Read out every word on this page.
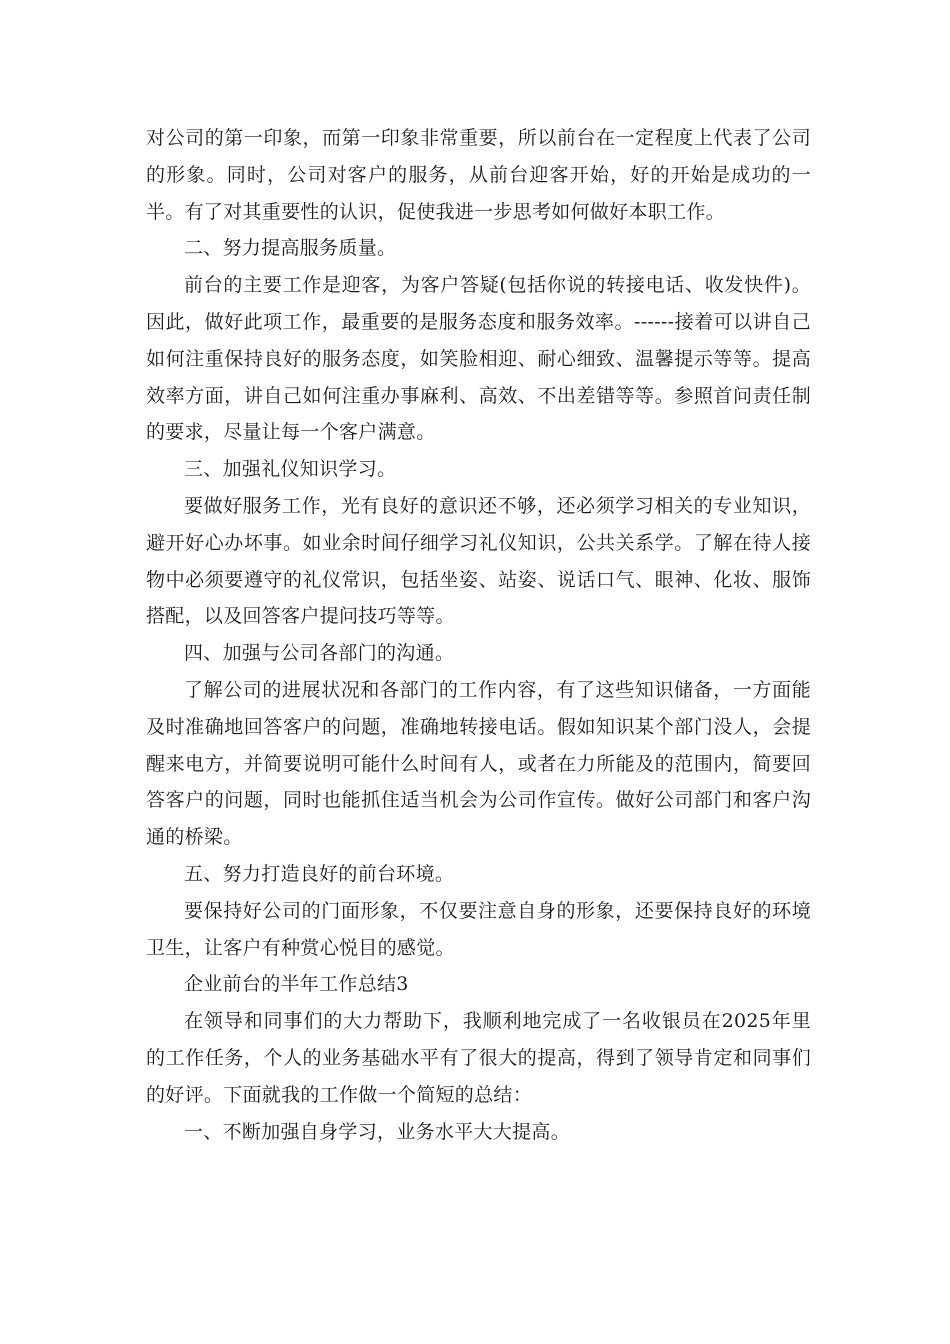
对公司的第一印象，而第一印象非常重要，所以前台在一定程度上代表了公司的形象。同时，公司对客户的服务，从前台迎客开始，好的开始是成功的一半。有了对其重要性的认识，促使我进一步思考如何做好本职工作。

二、努力提高服务质量。

前台的主要工作是迎客，为客户答疑(包括你说的转接电话、收发快件)。因此，做好此项工作，最重要的是服务态度和服务效率。------接着可以讲自己如何注重保持良好的服务态度，如笑脸相迎、耐心细致、温馨提示等等。提高效率方面，讲自己如何注重办事麻利、高效、不出差错等等。参照首问责任制的要求，尽量让每一个客户满意。

三、加强礼仪知识学习。

要做好服务工作，光有良好的意识还不够，还必须学习相关的专业知识，避开好心办坏事。如业余时间仔细学习礼仪知识，公共关系学。了解在待人接物中必须要遵守的礼仪常识，包括坐姿、站姿、说话口气、眼神、化妆、服饰搭配，以及回答客户提问技巧等等。

四、加强与公司各部门的沟通。

了解公司的进展状况和各部门的工作内容，有了这些知识储备，一方面能及时准确地回答客户的问题，准确地转接电话。假如知识某个部门没人，会提醒来电方，并简要说明可能什么时间有人，或者在力所能及的范围内，简要回答客户的问题，同时也能抓住适当机会为公司作宣传。做好公司部门和客户沟通的桥梁。

五、努力打造良好的前台环境。

要保持好公司的门面形象，不仅要注意自身的形象，还要保持良好的环境卫生，让客户有种赏心悦目的感觉。

企业前台的半年工作总结3

在领导和同事们的大力帮助下，我顺利地完成了一名收银员在2025年里的工作任务，个人的业务基础水平有了很大的提高，得到了领导肯定和同事们的好评。下面就我的工作做一个简短的总结：

一、不断加强自身学习，业务水平大大提高。
